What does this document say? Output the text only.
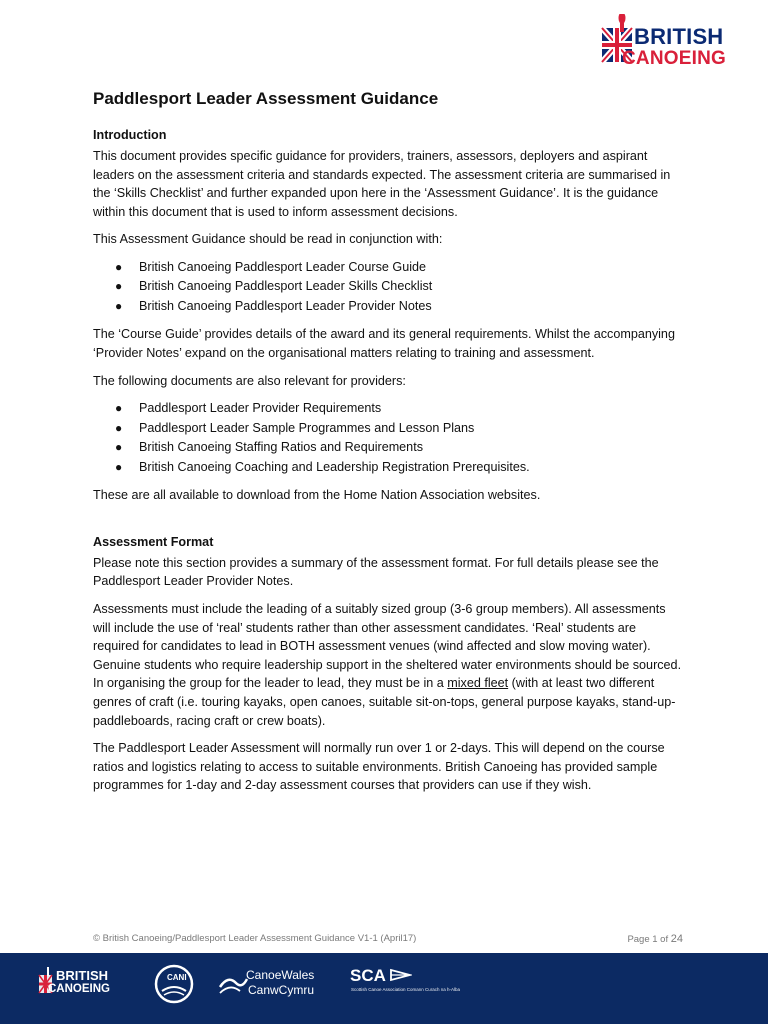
BRITISH
CANOEING
Paddlesport Leader Assessment Guidance
Introduction

This document provides specific guidance for providers, trainers, assessors, deployers and aspirant leaders on the assessment criteria and standards expected. The assessment criteria are summarised in the ‘Skills Checklist’ and further expanded upon here in the ‘Assessment Guidance’. It is the guidance within this document that is used to inform assessment decisions.

This Assessment Guidance should be read in conjunction with:

● British Canoeing Paddlesport Leader Course Guide
● British Canoeing Paddlesport Leader Skills Checklist
● British Canoeing Paddlesport Leader Provider Notes

The ‘Course Guide’ provides details of the award and its general requirements. Whilst the accompanying ‘Provider Notes’ expand on the organisational matters relating to training and assessment.

The following documents are also relevant for providers:

● Paddlesport Leader Provider Requirements
● Paddlesport Leader Sample Programmes and Lesson Plans
● British Canoeing Staffing Ratios and Requirements
● British Canoeing Coaching and Leadership Registration Prerequisites.

These are all available to download from the Home Nation Association websites.

Assessment Format

Please note this section provides a summary of the assessment format. For full details please see the Paddlesport Leader Provider Notes.

Assessments must include the leading of a suitably sized group (3-6 group members). All assessments will include the use of ‘real’ students rather than other assessment candidates. ‘Real’ students are required for candidates to lead in BOTH assessment venues (wind affected and slow moving water). Genuine students who require leadership support in the sheltered water environments should be sourced. In organising the group for the leader to lead, they must be in a mixed fleet (with at least two different genres of craft (i.e. touring kayaks, open canoes, suitable sit-on-tops, general purpose kayaks, stand-up-paddleboards, racing craft or crew boats).

The Paddlesport Leader Assessment will normally run over 1 or 2-days. This will depend on the course ratios and logistics relating to access to suitable environments. British Canoeing has provided sample programmes for 1-day and 2-day assessment courses that providers can use if they wish.

© British Canoeing/Paddlesport Leader Assessment Guidance V1-1 (April17)	Page 1 of 24
BRITISH
CANOEING
CANI	CanoeWales
CanwCymru
SCA
Scottish Canoe Association Comann Curach na h-Alba
